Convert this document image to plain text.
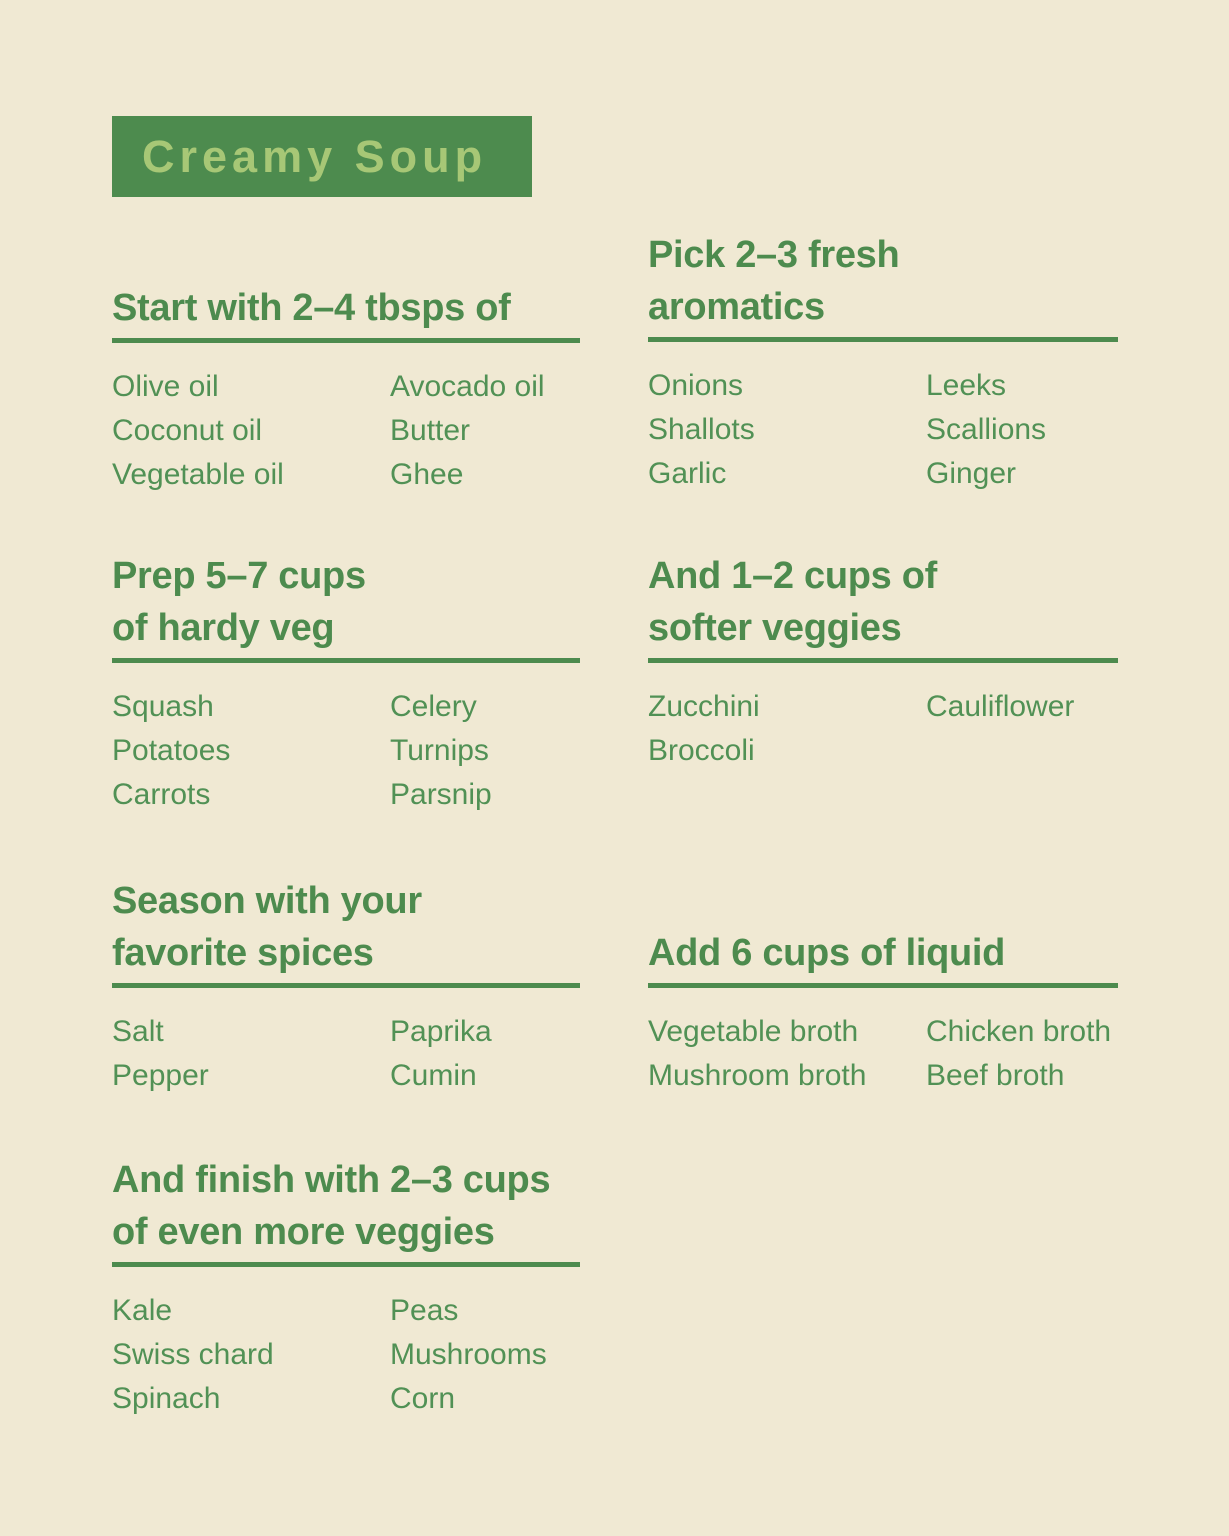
Creamy Soup
Start with 2–4 tbsps of
Olive oil
Coconut oil
Vegetable oil
Avocado oil
Butter
Ghee
Pick 2–3 fresh
aromatics
Onions
Shallots
Garlic
Leeks
Scallions
Ginger
Prep 5–7 cups
of hardy veg
Squash
Potatoes
Carrots
Celery
Turnips
Parsnip
And 1–2 cups of
softer veggies
Zucchini
Broccoli
Cauliflower
Season with your
favorite spices
Salt
Pepper
Paprika
Cumin
Add 6 cups of liquid
Vegetable broth
Mushroom broth
Chicken broth
Beef broth
And finish with 2–3 cups
of even more veggies
Kale
Swiss chard
Spinach
Peas
Mushrooms
Corn
